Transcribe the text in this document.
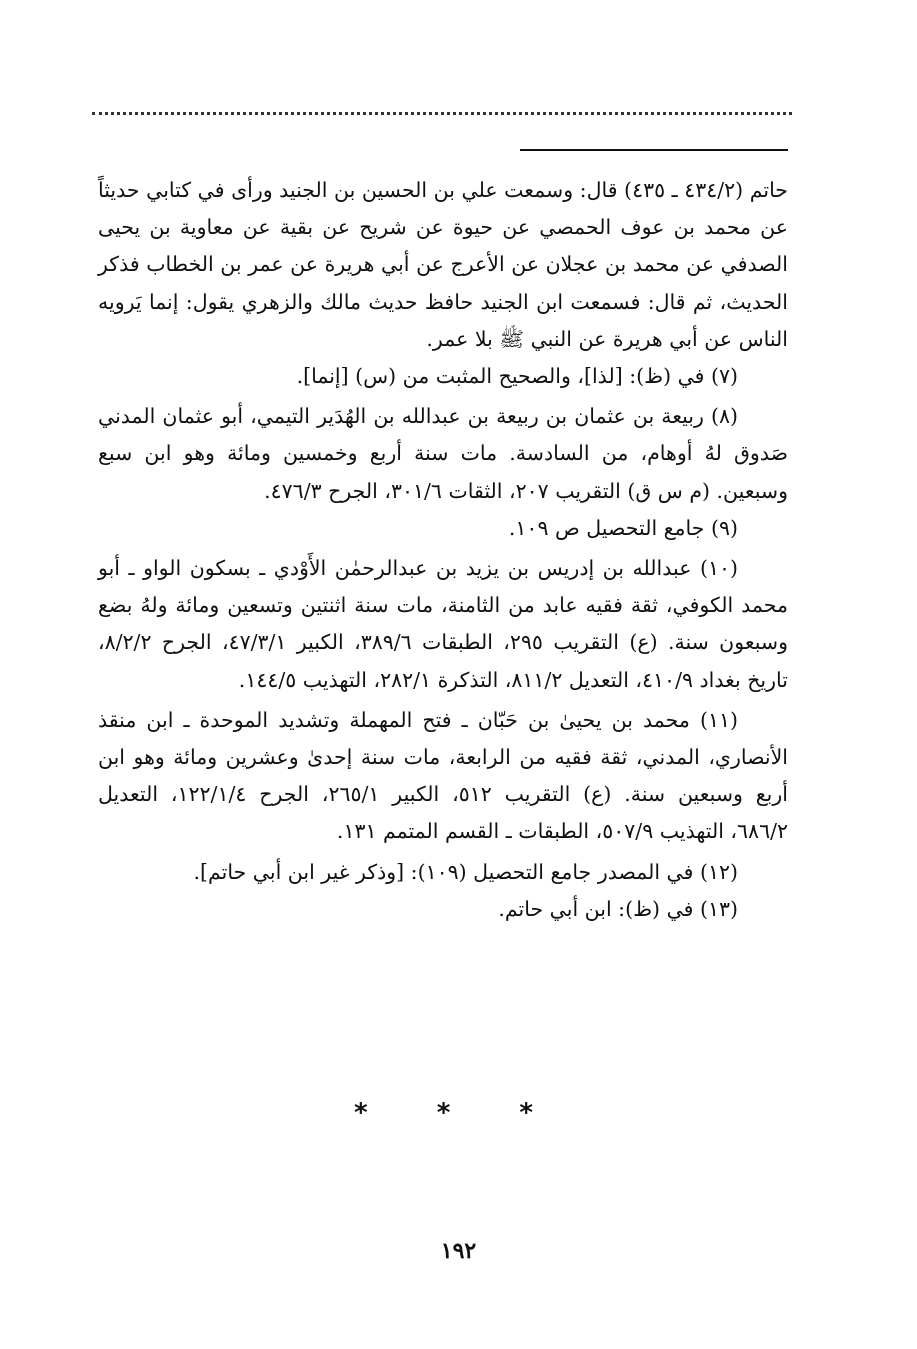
حاتم (٤٣٤/٢ ـ ٤٣٥) قال: وسمعت علي بن الحسين بن الجنيد ورأى في كتابي حديثاً عن محمد بن عوف الحمصي عن حيوة عن شريح عن بقية عن معاوية بن يحيى الصدفي عن محمد بن عجلان عن الأعرج عن أبي هريرة عن عمر بن الخطاب فذكر الحديث، ثم قال: فسمعت ابن الجنيد حافظ حديث مالك والزهري يقول: إنما يَرويه الناس عن أبي هريرة عن النبي ﷺ بلا عمر.

(٧) في (ظ): [لذا]، والصحيح المثبت من (س) [إنما].

(٨) ربيعة بن عثمان بن ربيعة بن عبدالله بن الهُدَير التيمي، أبو عثمان المدني صَدوق لهُ أوهام، من السادسة. مات سنة أربع وخمسين ومائة وهو ابن سبع وسبعين. (م س ق) التقريب ٢٠٧، الثقات ٣٠١/٦، الجرح ٤٧٦/٣.

(٩) جامع التحصيل ص ١٠٩.

(١٠) عبدالله بن إدريس بن يزيد بن عبدالرحمٰن الأَوْدي ـ بسكون الواو ـ أبو محمد الكوفي، ثقة فقيه عابد من الثامنة، مات سنة اثنتين وتسعين ومائة ولهُ بضع وسبعون سنة. (ع) التقريب ٢٩٥، الطبقات ٣٨٩/٦، الكبير ٤٧/٣/١، الجرح ٨/٢/٢، تاريخ بغداد ٤١٠/٩، التعديل ٨١١/٢، التذكرة ٢٨٢/١، التهذيب ١٤٤/٥.

(١١) محمد بن يحيىٰ بن حَبّان ـ فتح المهملة وتشديد الموحدة ـ ابن منقذ الأنصاري، المدني، ثقة فقيه من الرابعة، مات سنة إحدىٰ وعشرين ومائة وهو ابن أربع وسبعين سنة. (ع) التقريب ٥١٢، الكبير ٢٦٥/١، الجرح ١٢٢/١/٤، التعديل ٦٨٦/٢، التهذيب ٥٠٧/٩، الطبقات ـ القسم المتمم ١٣١.

(١٢) في المصدر جامع التحصيل (١٠٩): [وذكر غير ابن أبي حاتم].

(١٣) في (ظ): ابن أبي حاتم.

* * *
١٩٢
